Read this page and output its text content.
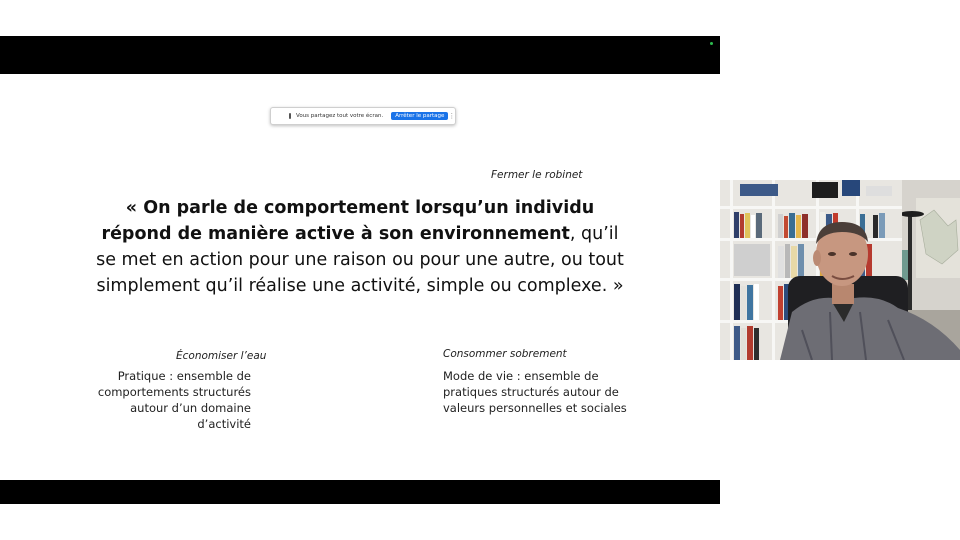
Vous partagez tout votre écran.	Arrêter le partage ⋮
Fermer le robinet
« On parle de comportement lorsqu’un individu répond de manière active à son environnement, qu’il se met en action pour une raison ou pour une autre, ou tout simplement qu’il réalise une activité, simple ou complexe. »
Économiser l’eau
Pratique : ensemble de
comportements structurés
autour d’un domaine d’activité
Consommer sobrement
Mode de vie : ensemble de
pratiques structurés autour de
valeurs personnelles et sociales
